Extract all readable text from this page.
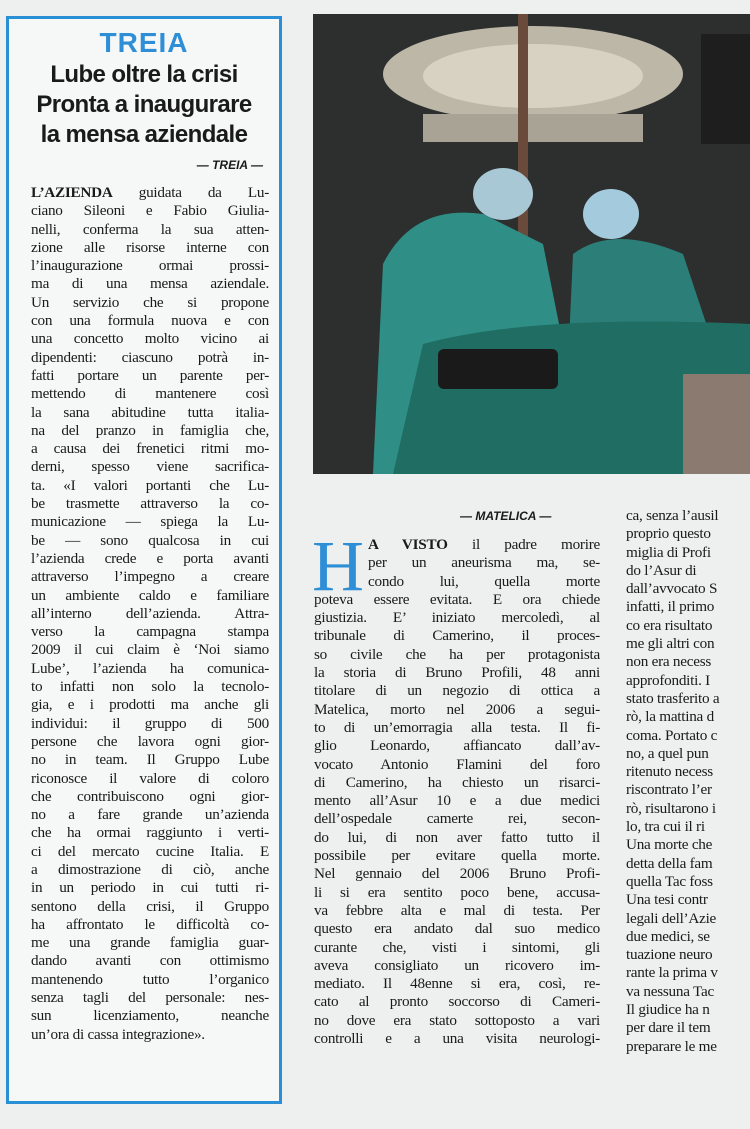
TREIA
Lube oltre la crisi
Pronta a inaugurare
la mensa aziendale
— TREIA —
L’AZIENDA guidata da Lu-
ciano Sileoni e Fabio Giulia-
nelli, conferma la sua atten-
zione alle risorse interne con
l’inaugurazione ormai prossi-
ma di una mensa aziendale.
Un servizio che si propone
con una formula nuova e con
una concetto molto vicino ai
dipendenti: ciascuno potrà in-
fatti portare un parente per-
mettendo di mantenere così
la sana abitudine tutta italia-
na del pranzo in famiglia che,
a causa dei frenetici ritmi mo-
derni, spesso viene sacrifica-
ta. «I valori portanti che Lu-
be trasmette attraverso la co-
municazione — spiega la Lu-
be — sono qualcosa in cui
l’azienda crede e porta avanti
attraverso l’impegno a creare
un ambiente caldo e familiare
all’interno dell’azienda. Attra-
verso la campagna stampa
2009 il cui claim è ‘Noi siamo
Lube’, l’azienda ha comunica-
to infatti non solo la tecnolo-
gia, e i prodotti ma anche gli
individui: il gruppo di 500
persone che lavora ogni gior-
no in team. Il Gruppo Lube
riconosce il valore di coloro
che contribuiscono ogni gior-
no a fare grande un’azienda
che ha ormai raggiunto i verti-
ci del mercato cucine Italia. E
a dimostrazione di ciò, anche
in un periodo in cui tutti ri-
sentono della crisi, il Gruppo
ha affrontato le difficoltà co-
me una grande famiglia guar-
dando avanti con ottimismo
mantenendo tutto l’organico
senza tagli del personale: nes-
sun licenziamento, neanche
un’ora di cassa integrazione».
— MATELICA —
H A VISTO il padre morire
per un aneurisma ma, se-
condo lui, quella morte
poteva essere evitata. E ora chiede
giustizia. E’ iniziato mercoledì, al
tribunale di Camerino, il proces-
so civile che ha per protagonista
la storia di Bruno Profili, 48 anni
titolare di un negozio di ottica a
Matelica, morto nel 2006 a segui-
to di un’emorragia alla testa. Il fi-
glio Leonardo, affiancato dall’av-
vocato Antonio Flamini del foro
di Camerino, ha chiesto un risarci-
mento all’Asur 10 e a due medici
dell’ospedale camerte rei, secon-
do lui, di non aver fatto tutto il
possibile per evitare quella morte.
Nel gennaio del 2006 Bruno Profi-
li si era sentito poco bene, accusa-
va febbre alta e mal di testa. Per
questo era andato dal suo medico
curante che, visti i sintomi, gli
aveva consigliato un ricovero im-
mediato. Il 48enne si era, così, re-
cato al pronto soccorso di Cameri-
no dove era stato sottoposto a vari
controlli e a una visita neurologi-
ca, senza l’ausil
proprio questo
miglia di Profi
do l’Asur di
dall’avvocato S
infatti, il primo
co era risultato
me gli altri con
non era necess
approfonditi. I
stato trasferito a
rò, la mattina d
coma. Portato c
no, a quel pun
ritenuto necess
riscontrato l’er
rò, risultarono i
lo, tra cui il ri
Una morte che
detta della fam
quella Tac foss
Una tesi contr
legali dell’Azie
due medici, se
tuazione neuro
rante la prima v
va nessuna Tac
Il giudice ha n
per dare il tem
preparare le me
